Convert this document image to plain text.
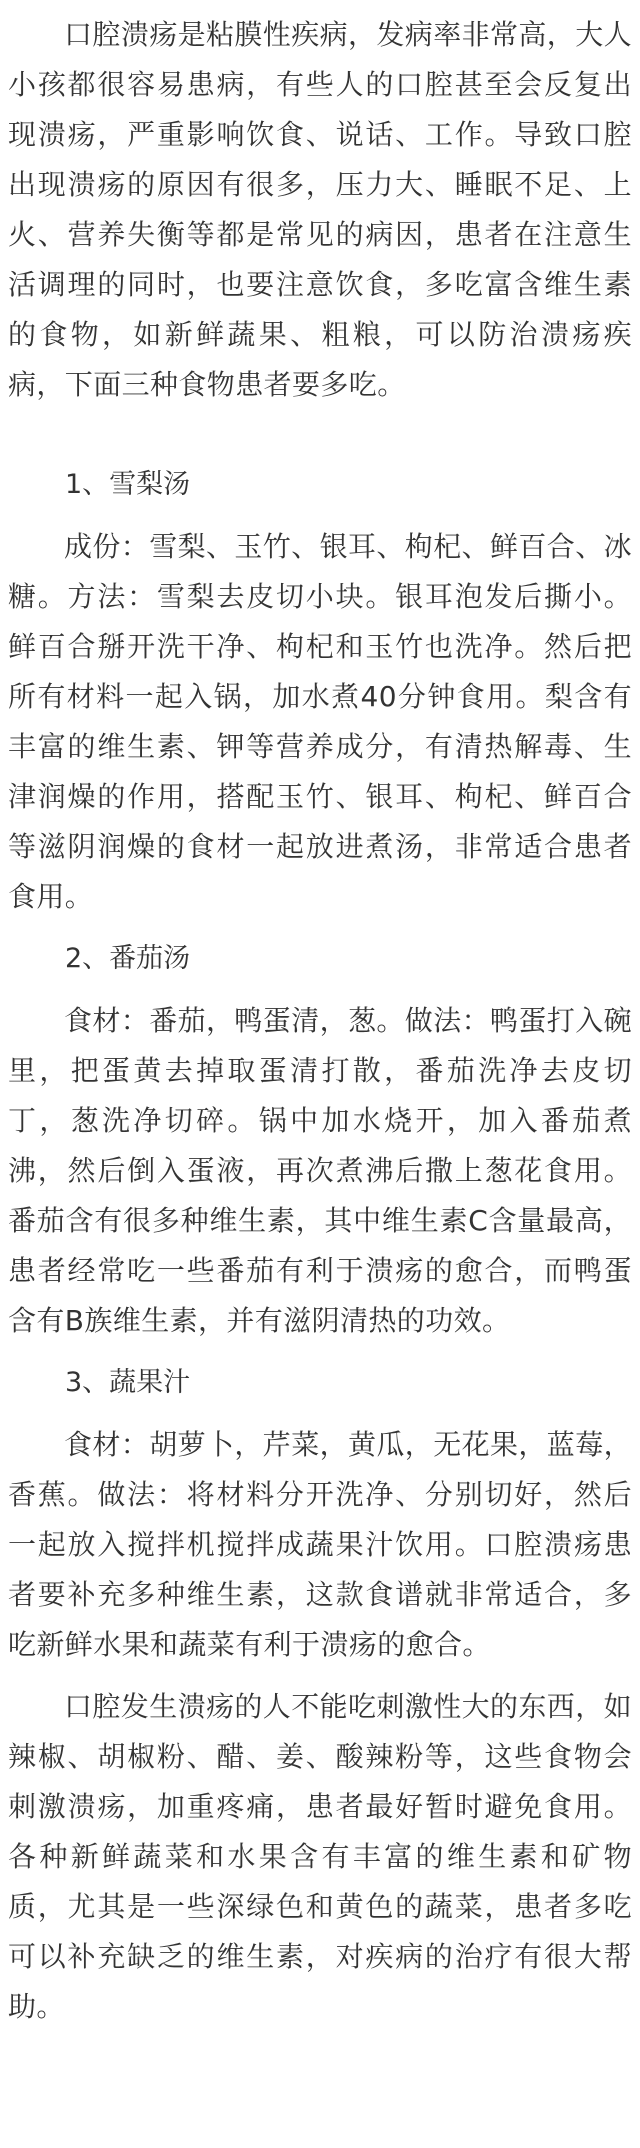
口腔溃疡是粘膜性疾病，发病率非常高，大人小孩都很容易患病，有些人的口腔甚至会反复出现溃疡，严重影响饮食、说话、工作。导致口腔出现溃疡的原因有很多，压力大、睡眠不足、上火、营养失衡等都是常见的病因，患者在注意生活调理的同时，也要注意饮食，多吃富含维生素的食物，如新鲜蔬果、粗粮，可以防治溃疡疾病，下面三种食物患者要多吃。

1、雪梨汤

成份：雪梨、玉竹、银耳、枸杞、鲜百合、冰糖。方法：雪梨去皮切小块。银耳泡发后撕小。鲜百合掰开洗干净、枸杞和玉竹也洗净。然后把所有材料一起入锅，加水煮40分钟食用。梨含有丰富的维生素、钾等营养成分，有清热解毒、生津润燥的作用，搭配玉竹、银耳、枸杞、鲜百合等滋阴润燥的食材一起放进煮汤，非常适合患者食用。

2、番茄汤

食材：番茄，鸭蛋清，葱。做法：鸭蛋打入碗里，把蛋黄去掉取蛋清打散，番茄洗净去皮切丁，葱洗净切碎。锅中加水烧开，加入番茄煮沸，然后倒入蛋液，再次煮沸后撒上葱花食用。番茄含有很多种维生素，其中维生素C含量最高，患者经常吃一些番茄有利于溃疡的愈合，而鸭蛋含有B族维生素，并有滋阴清热的功效。

3、蔬果汁

食材：胡萝卜，芹菜，黄瓜，无花果，蓝莓，香蕉。做法：将材料分开洗净、分别切好，然后一起放入搅拌机搅拌成蔬果汁饮用。口腔溃疡患者要补充多种维生素，这款食谱就非常适合，多吃新鲜水果和蔬菜有利于溃疡的愈合。

口腔发生溃疡的人不能吃刺激性大的东西，如辣椒、胡椒粉、醋、姜、酸辣粉等，这些食物会刺激溃疡，加重疼痛，患者最好暂时避免食用。各种新鲜蔬菜和水果含有丰富的维生素和矿物质，尤其是一些深绿色和黄色的蔬菜，患者多吃可以补充缺乏的维生素，对疾病的治疗有很大帮助。
